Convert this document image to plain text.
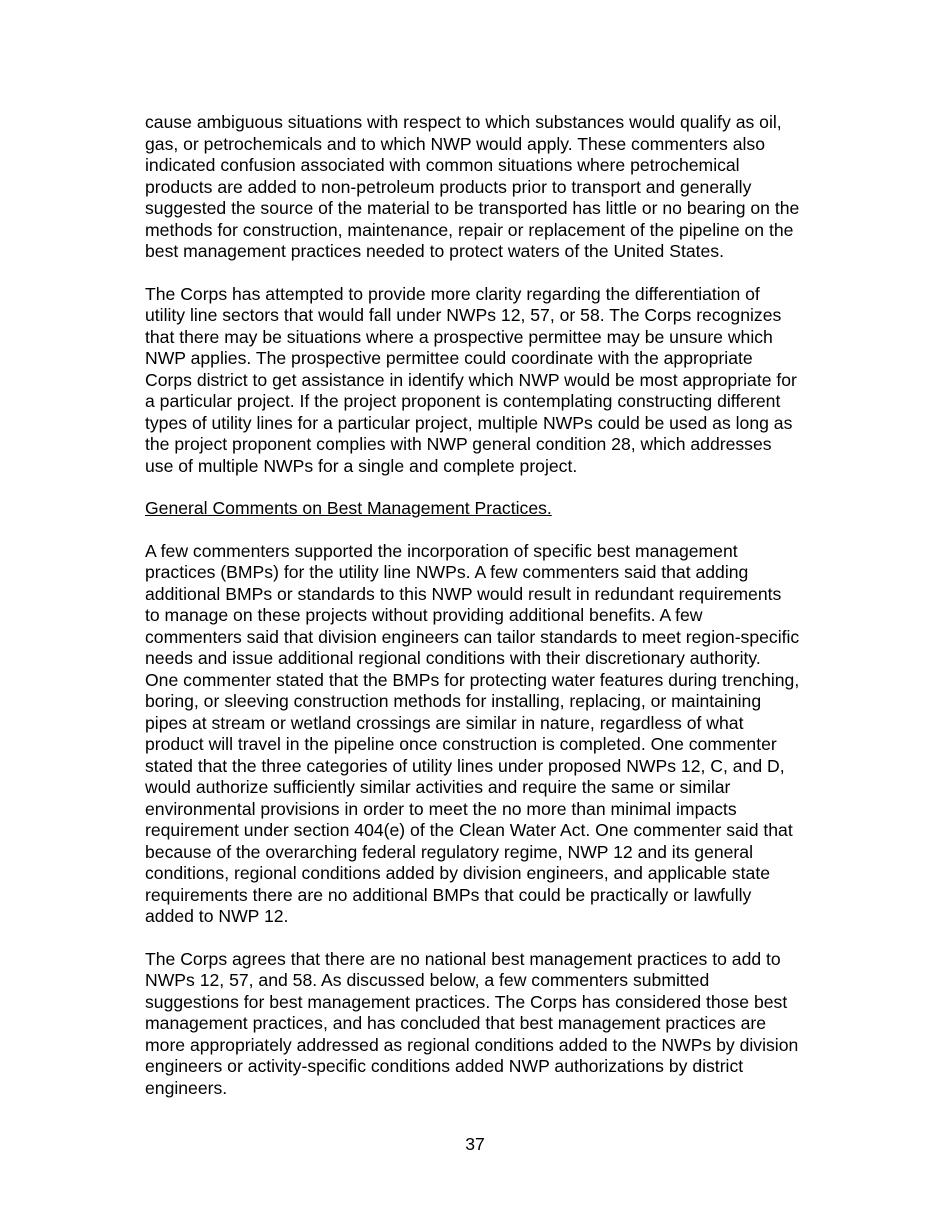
cause ambiguous situations with respect to which substances would qualify as oil,
gas, or petrochemicals and to which NWP would apply. These commenters also
indicated confusion associated with common situations where petrochemical
products are added to non-petroleum products prior to transport and generally
suggested the source of the material to be transported has little or no bearing on the
methods for construction, maintenance, repair or replacement of the pipeline on the
best management practices needed to protect waters of the United States.
The Corps has attempted to provide more clarity regarding the differentiation of
utility line sectors that would fall under NWPs 12, 57, or 58. The Corps recognizes
that there may be situations where a prospective permittee may be unsure which
NWP applies. The prospective permittee could coordinate with the appropriate
Corps district to get assistance in identify which NWP would be most appropriate for
a particular project. If the project proponent is contemplating constructing different
types of utility lines for a particular project, multiple NWPs could be used as long as
the project proponent complies with NWP general condition 28, which addresses
use of multiple NWPs for a single and complete project.
General Comments on Best Management Practices.
A few commenters supported the incorporation of specific best management
practices (BMPs) for the utility line NWPs. A few commenters said that adding
additional BMPs or standards to this NWP would result in redundant requirements
to manage on these projects without providing additional benefits. A few
commenters said that division engineers can tailor standards to meet region-specific
needs and issue additional regional conditions with their discretionary authority.
One commenter stated that the BMPs for protecting water features during trenching,
boring, or sleeving construction methods for installing, replacing, or maintaining
pipes at stream or wetland crossings are similar in nature, regardless of what
product will travel in the pipeline once construction is completed. One commenter
stated that the three categories of utility lines under proposed NWPs 12, C, and D,
would authorize sufficiently similar activities and require the same or similar
environmental provisions in order to meet the no more than minimal impacts
requirement under section 404(e) of the Clean Water Act. One commenter said that
because of the overarching federal regulatory regime, NWP 12 and its general
conditions, regional conditions added by division engineers, and applicable state
requirements there are no additional BMPs that could be practically or lawfully
added to NWP 12.
The Corps agrees that there are no national best management practices to add to
NWPs 12, 57, and 58. As discussed below, a few commenters submitted
suggestions for best management practices. The Corps has considered those best
management practices, and has concluded that best management practices are
more appropriately addressed as regional conditions added to the NWPs by division
engineers or activity-specific conditions added NWP authorizations by district
engineers.
37
